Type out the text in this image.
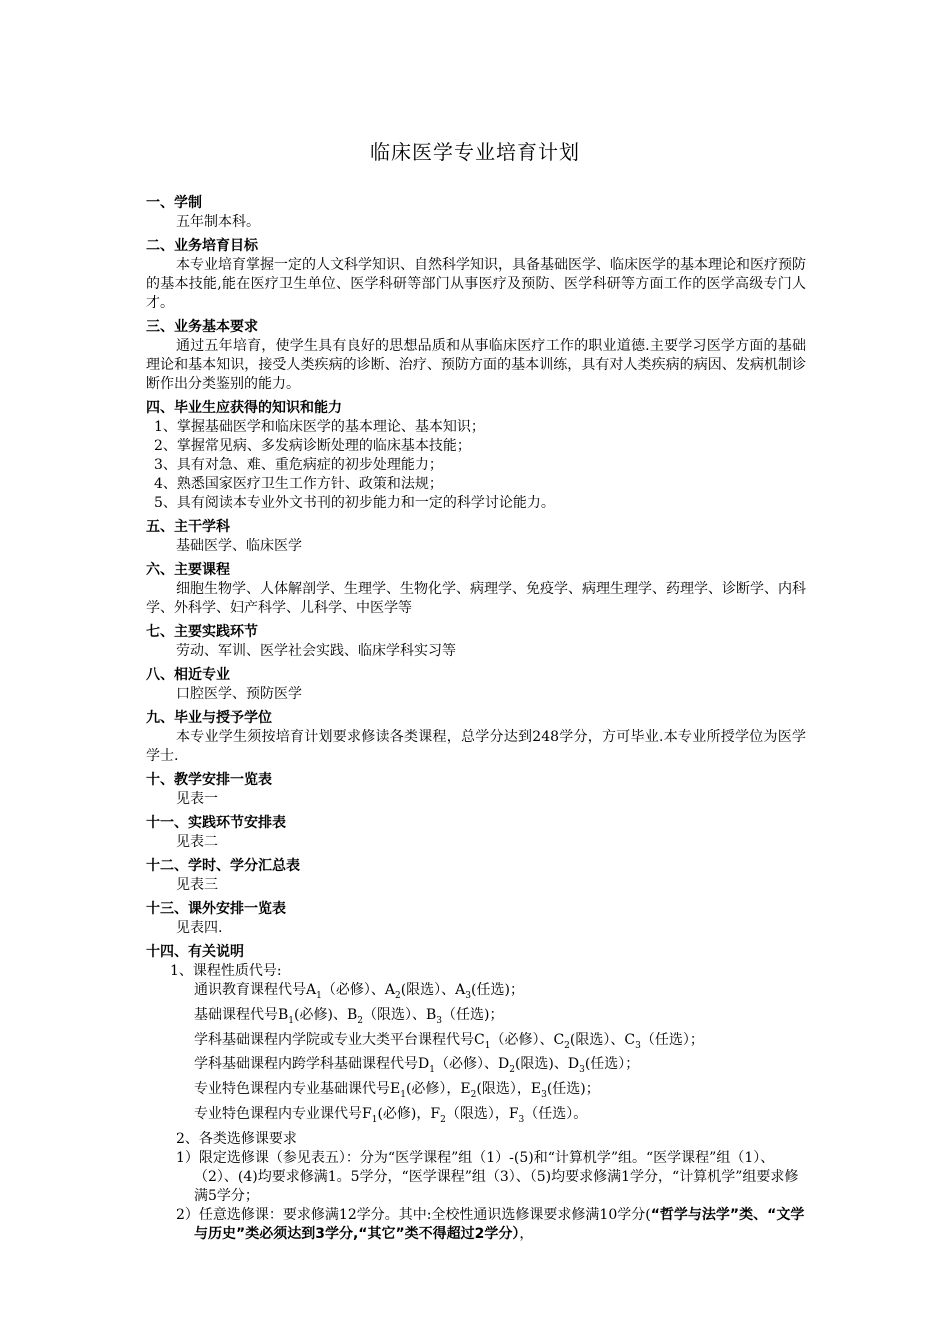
临床医学专业培育计划
一、学制
五年制本科。
二、业务培育目标
本专业培育掌握一定的人文科学知识、自然科学知识，具备基础医学、临床医学的基本理论和医疗预防的基本技能,能在医疗卫生单位、医学科研等部门从事医疗及预防、医学科研等方面工作的医学高级专门人才。
三、业务基本要求
通过五年培育，使学生具有良好的思想品质和从事临床医疗工作的职业道德.主要学习医学方面的基础理论和基本知识，接受人类疾病的诊断、治疗、预防方面的基本训练，具有对人类疾病的病因、发病机制诊断作出分类鉴别的能力。
四、毕业生应获得的知识和能力
1、掌握基础医学和临床医学的基本理论、基本知识；
2、掌握常见病、多发病诊断处理的临床基本技能；
3、具有对急、难、重危病症的初步处理能力；
4、熟悉国家医疗卫生工作方针、政策和法规；
5、具有阅读本专业外文书刊的初步能力和一定的科学讨论能力。
五、主干学科
基础医学、临床医学
六、主要课程
细胞生物学、人体解剖学、生理学、生物化学、病理学、免疫学、病理生理学、药理学、诊断学、内科学、外科学、妇产科学、儿科学、中医学等
七、主要实践环节
劳动、军训、医学社会实践、临床学科实习等
八、相近专业
口腔医学、预防医学
九、毕业与授予学位
本专业学生须按培育计划要求修读各类课程，总学分达到248学分，方可毕业.本专业所授学位为医学学士.
十、教学安排一览表
见表一
十一、实践环节安排表
见表二
十二、学时、学分汇总表
见表三
十三、课外安排一览表
见表四.
十四、有关说明
1、课程性质代号:
通识教育课程代号$A_1$（必修）、$A_2$(限选）、$A_3$(任选)；
基础课程代号$B_1$(必修)、$B_2$（限选）、$B_3$（任选)；
学科基础课程内学院或专业大类平台课程代号$C_1$（必修）、$C_2$(限选）、$C_3$（任选）；
学科基础课程内跨学科基础课程代号$D_1$（必修）、$D_2$(限选)、$D_3$(任选）；
专业特色课程内专业基础课代号$E_1$(必修），$E_2$(限选），$E_3$(任选)；
专业特色课程内专业课代号$F_1$(必修)，$F_2$（限选），$F_3$（任选）。
2、各类选修课要求
1）限定选修课（参见表五）：分为“医学课程”组（1）-(5)和“计算机学”组。“医学课程”组（1）、（2）、(4)均要求修满1。5学分，“医学课程”组（3）、（5)均要求修满1学分，“计算机学”组要求修满5学分；
2）任意选修课：要求修满12学分。其中:全校性通识选修课要求修满10学分(“哲学与法学”类、“文学与历史”类必须达到3学分,“其它”类不得超过2学分），
